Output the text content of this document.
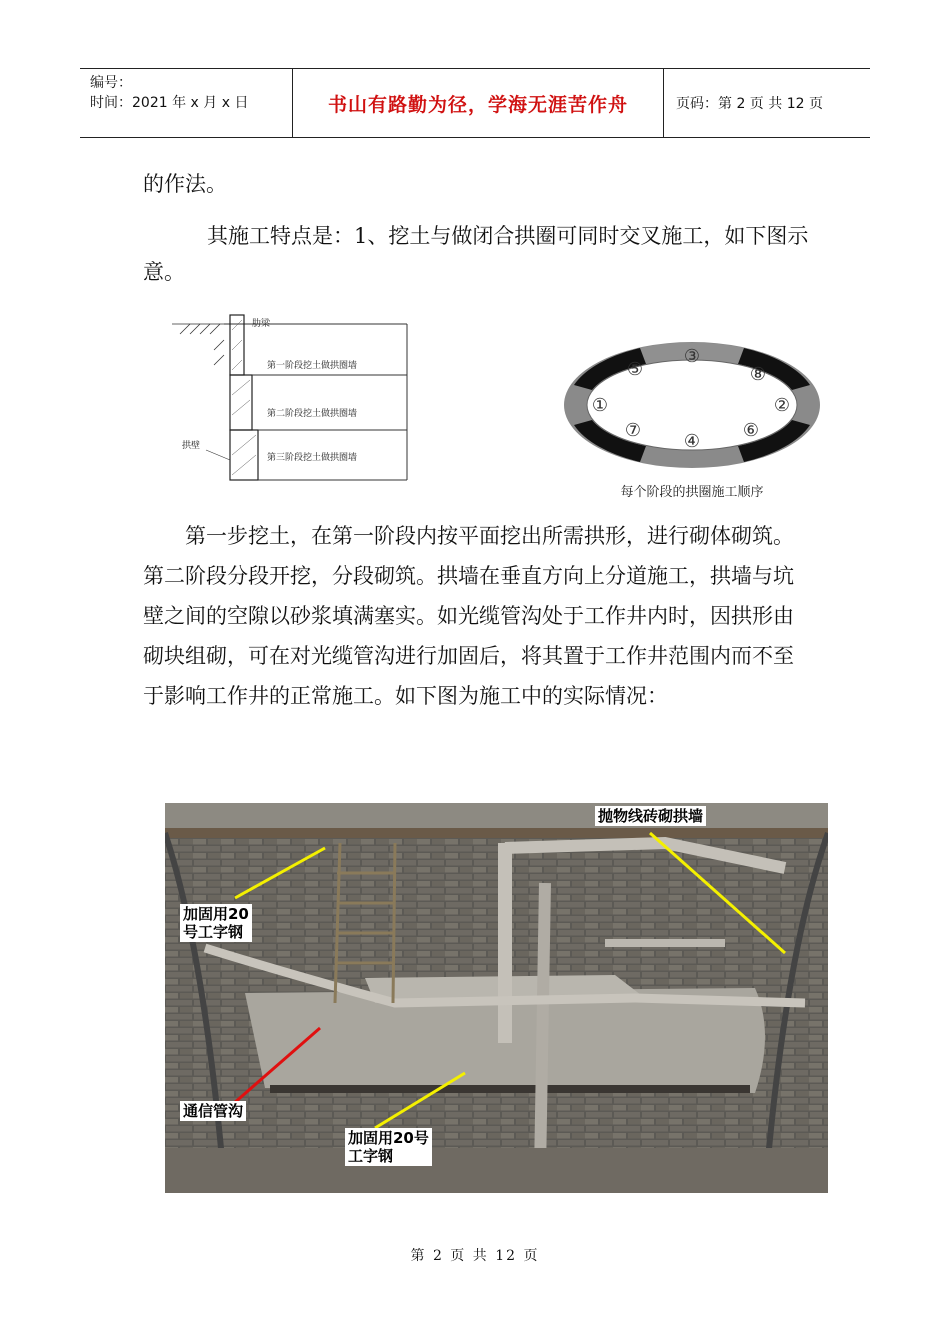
编号：
时间：2021 年 x 月 x 日	书山有路勤为径，学海无涯苦作舟	页码：第 2 页 共 12 页

的作法。

其施工特点是：1、挖土与做闭合拱圈可同时交叉施工，如下图示意。

肋梁
第一阶段挖土做拱圈墙
第二阶段挖土做拱圈墙
第三阶段挖土做拱圈墙
拱壁
①	②
③
④
⑤
⑥
⑦
⑧
每个阶段的拱圈施工顺序

第一步挖土，在第一阶段内按平面挖出所需拱形，进行砌体砌筑。第二阶段分段开挖，分段砌筑。拱墙在垂直方向上分道施工，拱墙与坑壁之间的空隙以砂浆填满塞实。如光缆管沟处于工作井内时，因拱形由砌块组砌，可在对光缆管沟进行加固后，将其置于工作井范围内而不至于影响工作井的正常施工。如下图为施工中的实际情况：

抛物线砖砌拱墙
加固用20
号工字钢
通信管沟
加固用20号
工字钢
第 2 页 共 12 页
